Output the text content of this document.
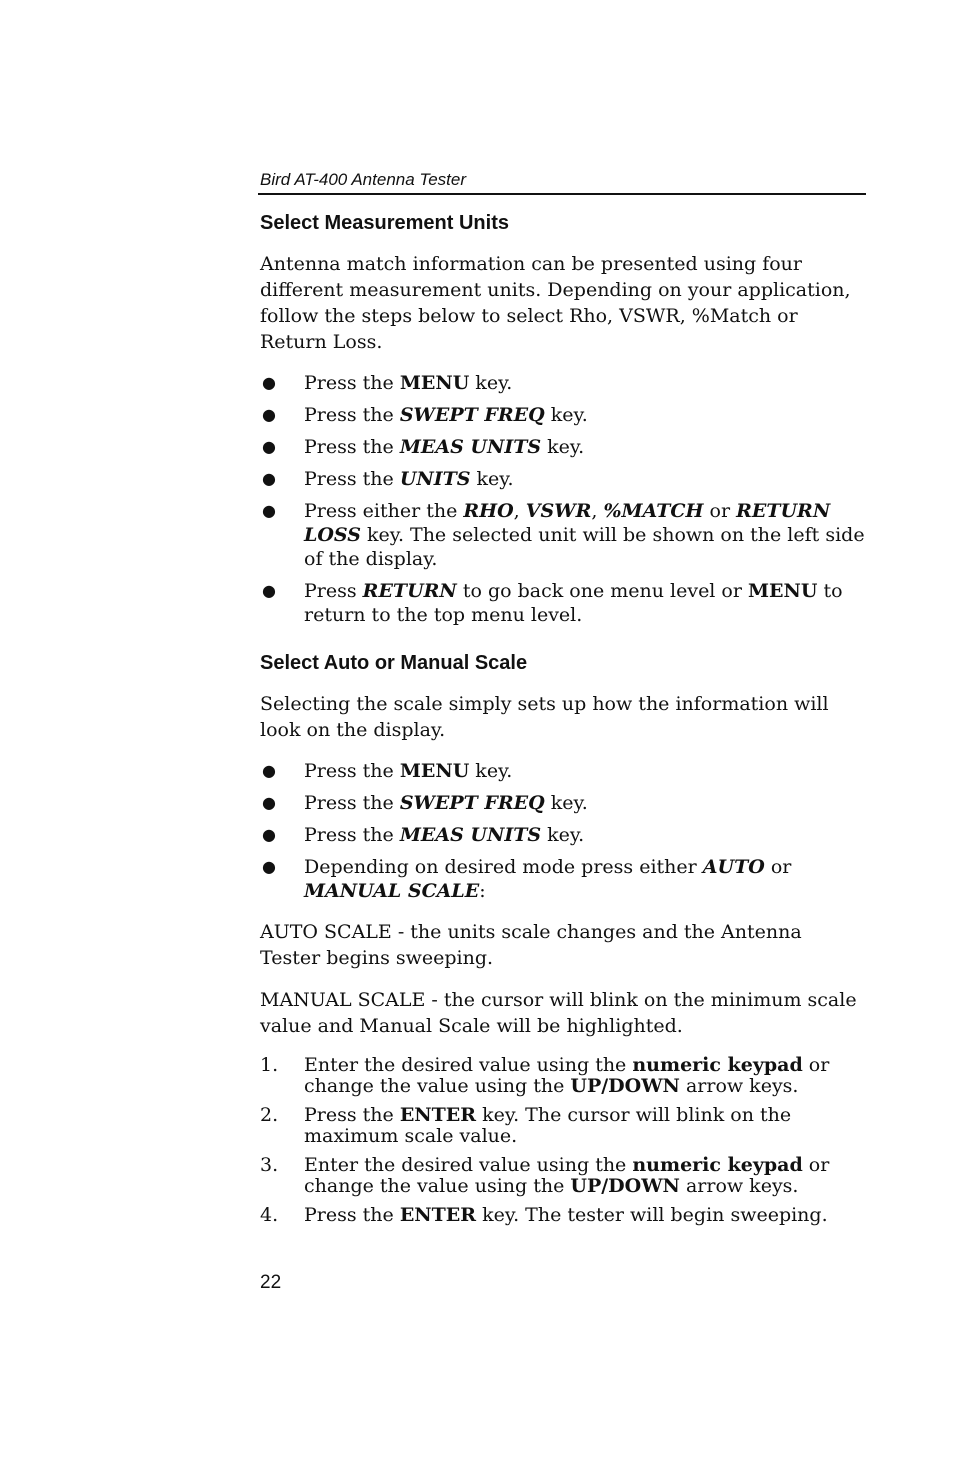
Bird AT-400 Antenna Tester
Select Measurement Units

Antenna match information can be presented using four different measurement units. Depending on your application, follow the steps below to select Rho, VSWR, %Match or Return Loss.

● Press the MENU key.
● Press the SWEPT FREQ key.
● Press the MEAS UNITS key.
● Press the UNITS key.
● Press either the RHO, VSWR, %MATCH or RETURN LOSS key. The selected unit will be shown on the left side of the display.
● Press RETURN to go back one menu level or MENU to return to the top menu level.
Select Auto or Manual Scale

Selecting the scale simply sets up how the information will look on the display.

● Press the MENU key.
● Press the SWEPT FREQ key.
● Press the MEAS UNITS key.
● Depending on desired mode press either AUTO or MANUAL SCALE:

AUTO SCALE - the units scale changes and the Antenna Tester begins sweeping.

MANUAL SCALE - the cursor will blink on the minimum scale value and Manual Scale will be highlighted.

1. Enter the desired value using the numeric keypad or change the value using the UP/DOWN arrow keys.
2. Press the ENTER key. The cursor will blink on the maximum scale value.
3. Enter the desired value using the numeric keypad or change the value using the UP/DOWN arrow keys.
4. Press the ENTER key. The tester will begin sweeping.
22
